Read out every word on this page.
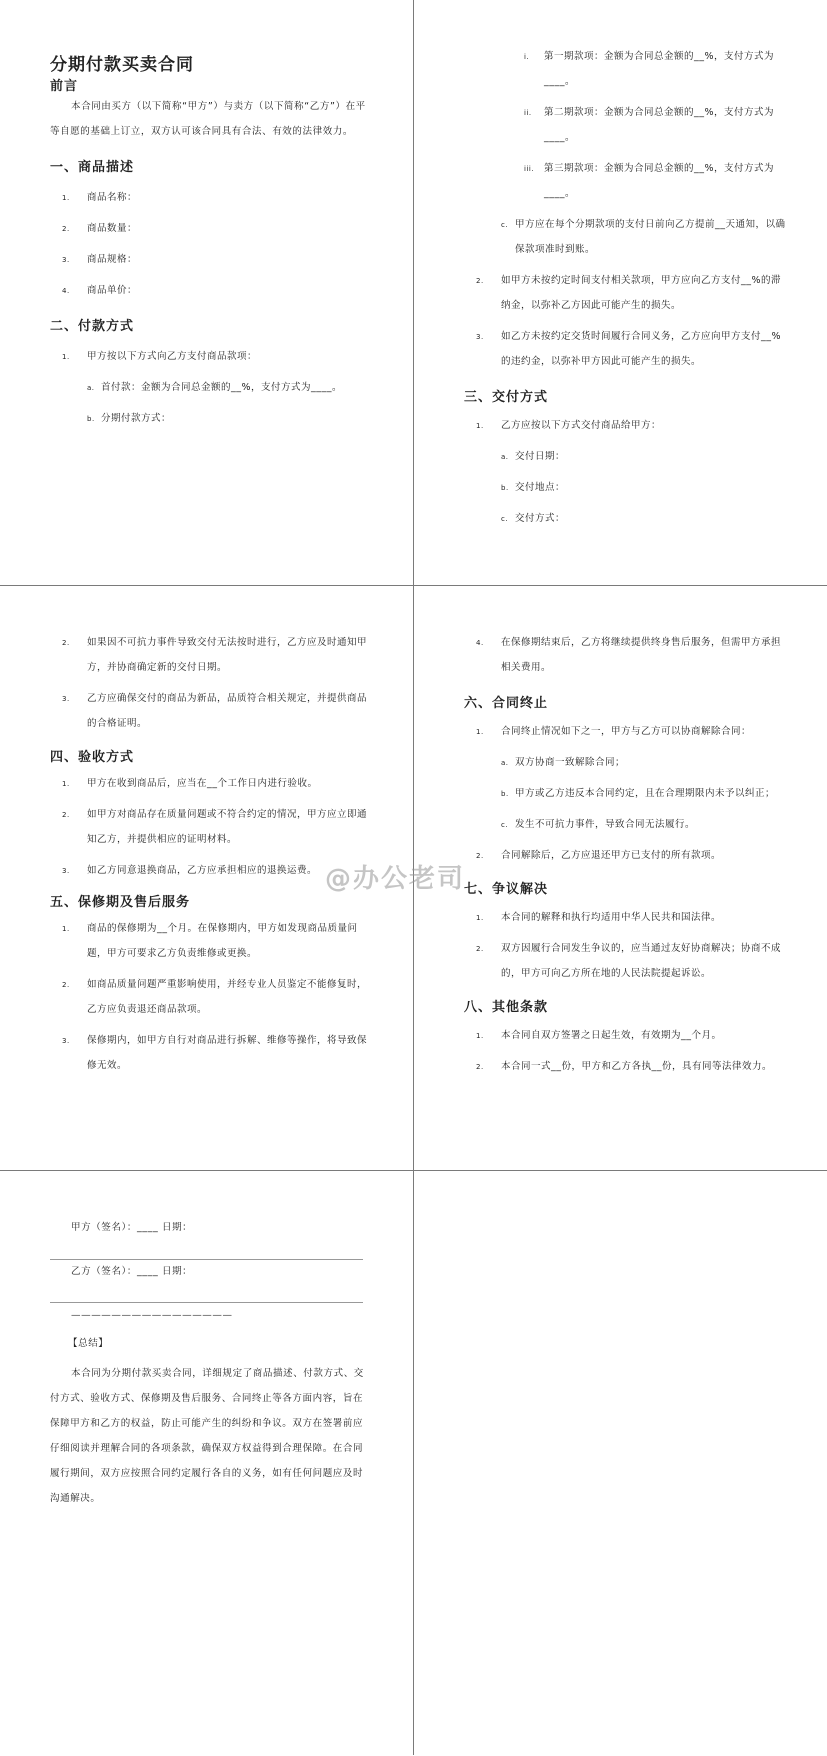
分期付款买卖合同

前言

本合同由买方（以下简称“甲方”）与卖方（以下简称“乙方”）在平等自愿的基础上订立，双方认可该合同具有合法、有效的法律效力。

一、商品描述

1. 商品名称：
2. 商品数量：
3. 商品规格：
4. 商品单价：

二、付款方式

1. 甲方按以下方式向乙方支付商品款项：
a. 首付款：金额为合同总金额的__%，支付方式为____。
b. 分期付款方式：
i. 第一期款项：金额为合同总金额的__%，支付方式为____。
ii. 第二期款项：金额为合同总金额的__%，支付方式为____。
iii. 第三期款项：金额为合同总金额的__%，支付方式为____。
c. 甲方应在每个分期款项的支付日前向乙方提前__天通知，以确保款项准时到账。
2. 如甲方未按约定时间支付相关款项，甲方应向乙方支付__%的滞纳金，以弥补乙方因此可能产生的损失。
3. 如乙方未按约定交货时间履行合同义务，乙方应向甲方支付__%的违约金，以弥补甲方因此可能产生的损失。

三、交付方式

1. 乙方应按以下方式交付商品给甲方：
a. 交付日期：
b. 交付地点：
c. 交付方式：
2. 如果因不可抗力事件导致交付无法按时进行，乙方应及时通知甲方，并协商确定新的交付日期。
3. 乙方应确保交付的商品为新品，品质符合相关规定，并提供商品的合格证明。

四、验收方式

1. 甲方在收到商品后，应当在__个工作日内进行验收。
2. 如甲方对商品存在质量问题或不符合约定的情况，甲方应立即通知乙方，并提供相应的证明材料。
3. 如乙方同意退换商品，乙方应承担相应的退换运费。

五、保修期及售后服务

1. 商品的保修期为__个月。在保修期内，甲方如发现商品质量问题，甲方可要求乙方负责维修或更换。
2. 如商品质量问题严重影响使用，并经专业人员鉴定不能修复时，乙方应负责退还商品款项。
3. 保修期内，如甲方自行对商品进行拆解、维修等操作，将导致保修无效。
4. 在保修期结束后，乙方将继续提供终身售后服务，但需甲方承担相关费用。

六、合同终止

1. 合同终止情况如下之一，甲方与乙方可以协商解除合同：
a. 双方协商一致解除合同；
b. 甲方或乙方违反本合同约定，且在合理期限内未予以纠正；
c. 发生不可抗力事件，导致合同无法履行。
2. 合同解除后，乙方应退还甲方已支付的所有款项。

七、争议解决

1. 本合同的解释和执行均适用中华人民共和国法律。
2. 双方因履行合同发生争议的，应当通过友好协商解决；协商不成的，甲方可向乙方所在地的人民法院提起诉讼。

八、其他条款

1. 本合同自双方签署之日起生效，有效期为__个月。
2. 本合同一式__份，甲方和乙方各执__份，具有同等法律效力。

甲方（签名）：____ 日期：

乙方（签名）：____ 日期：

————————————————

【总结】

本合同为分期付款买卖合同，详细规定了商品描述、付款方式、交付方式、验收方式、保修期及售后服务、合同终止等各方面内容，旨在保障甲方和乙方的权益，防止可能产生的纠纷和争议。双方在签署前应仔细阅读并理解合同的各项条款，确保双方权益得到合理保障。在合同履行期间，双方应按照合同约定履行各自的义务，如有任何问题应及时沟通解决。

@办公老司
